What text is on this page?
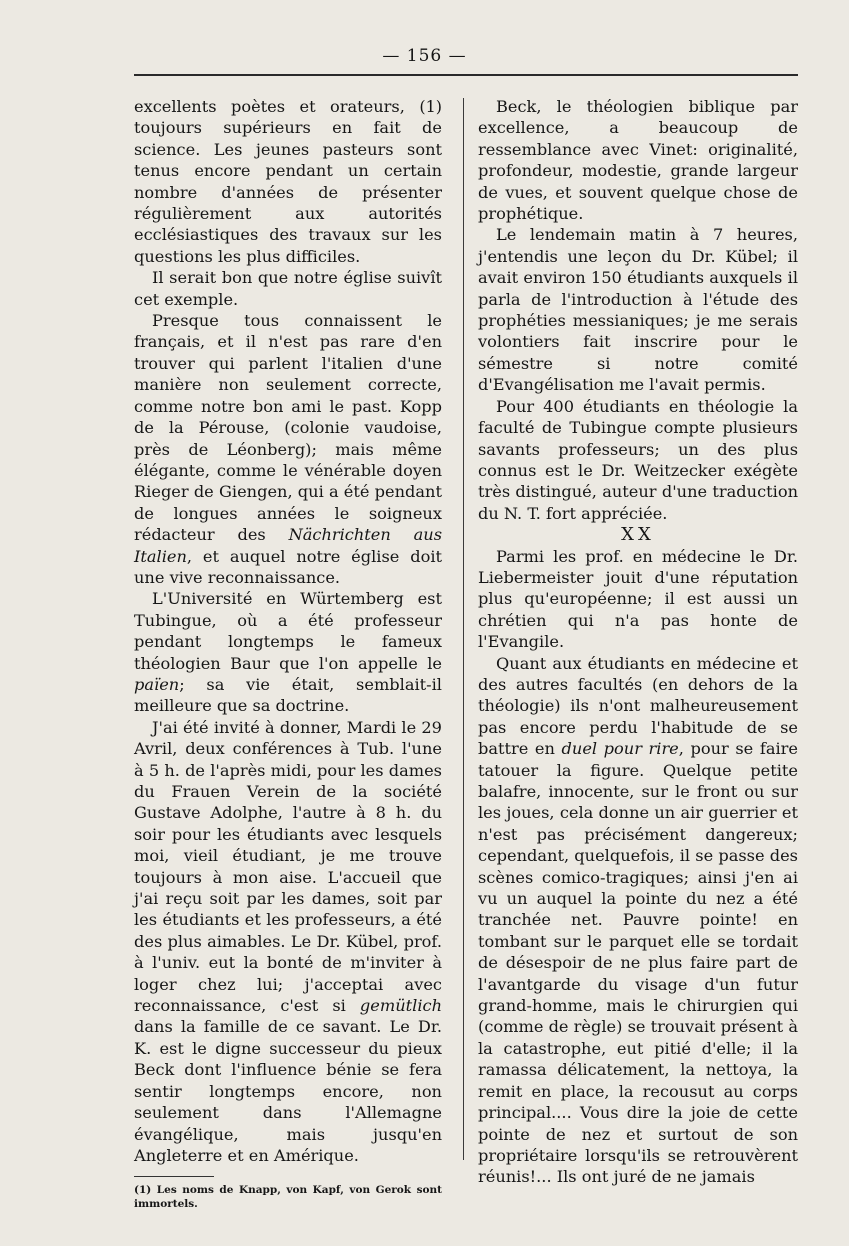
— 156 —

excellents poètes et orateurs, (1) toujours supérieurs en fait de science. Les jeunes pasteurs sont tenus encore pendant un certain nombre d'années de présenter régulièrement aux autorités ecclésiastiques des travaux sur les questions les plus difficiles.

Il serait bon que notre église suivît cet exemple.

Presque tous connaissent le français, et il n'est pas rare d'en trouver qui parlent l'italien d'une manière non seulement correcte, comme notre bon ami le past. Kopp de la Pérouse, (colonie vaudoise, près de Léonberg); mais même élégante, comme le vénérable doyen Rieger de Giengen, qui a été pendant de longues années le soigneux rédacteur des Nächrichten aus Italien, et auquel notre église doit une vive reconnaissance.

L'Université en Würtemberg est Tubingue, où a été professeur pendant longtemps le fameux théologien Baur que l'on appelle le païen; sa vie était, semblait-il meilleure que sa doctrine.

J'ai été invité à donner, Mardi le 29 Avril, deux conférences à Tub. l'une à 5 h. de l'après midi, pour les dames du Frauen Verein de la société Gustave Adolphe, l'autre à 8 h. du soir pour les étudiants avec lesquels moi, vieil étudiant, je me trouve toujours à mon aise. L'accueil que j'ai reçu soit par les dames, soit par les étudiants et les professeurs, a été des plus aimables. Le Dr. Kübel, prof. à l'univ. eut la bonté de m'inviter à loger chez lui; j'acceptai avec reconnaissance, c'est si gemütlich dans la famille de ce savant. Le Dr. K. est le digne successeur du pieux Beck dont l'influence bénie se fera sentir longtemps encore, non seulement dans l'Allemagne évangélique, mais jusqu'en Angleterre et en Amérique.

(1) Les noms de Knapp, von Kapf, von Gerok sont immortels.

Beck, le théologien biblique par excellence, a beaucoup de ressemblance avec Vinet: originalité, profondeur, modestie, grande largeur de vues, et souvent quelque chose de prophétique.

Le lendemain matin à 7 heures, j'entendis une leçon du Dr. Kübel; il avait environ 150 étudiants auxquels il parla de l'introduction à l'étude des prophéties messianiques; je me serais volontiers fait inscrire pour le sémestre si notre comité d'Evangélisation me l'avait permis.

Pour 400 étudiants en théologie la faculté de Tubingue compte plusieurs savants professeurs; un des plus connus est le Dr. Weitzecker exégète très distingué, auteur d'une traduction du N. T. fort appréciée.

XX

Parmi les prof. en médecine le Dr. Liebermeister jouit d'une réputation plus qu'européenne; il est aussi un chrétien qui n'a pas honte de l'Evangile.

Quant aux étudiants en médecine et des autres facultés (en dehors de la théologie) ils n'ont malheureusement pas encore perdu l'habitude de se battre en duel pour rire, pour se faire tatouer la figure. Quelque petite balafre, innocente, sur le front ou sur les joues, cela donne un air guerrier et n'est pas précisément dangereux; cependant, quelquefois, il se passe des scènes comico-tragiques; ainsi j'en ai vu un auquel la pointe du nez a été tranchée net. Pauvre pointe! en tombant sur le parquet elle se tordait de désespoir de ne plus faire part de l'avantgarde du visage d'un futur grand-homme, mais le chirurgien qui (comme de règle) se trouvait présent à la catastrophe, eut pitié d'elle; il la ramassa délicatement, la nettoya, la remit en place, la recousut au corps principal.... Vous dire la joie de cette pointe de nez et surtout de son propriétaire lorsqu'ils se retrouvèrent réunis!... Ils ont juré de ne jamais
